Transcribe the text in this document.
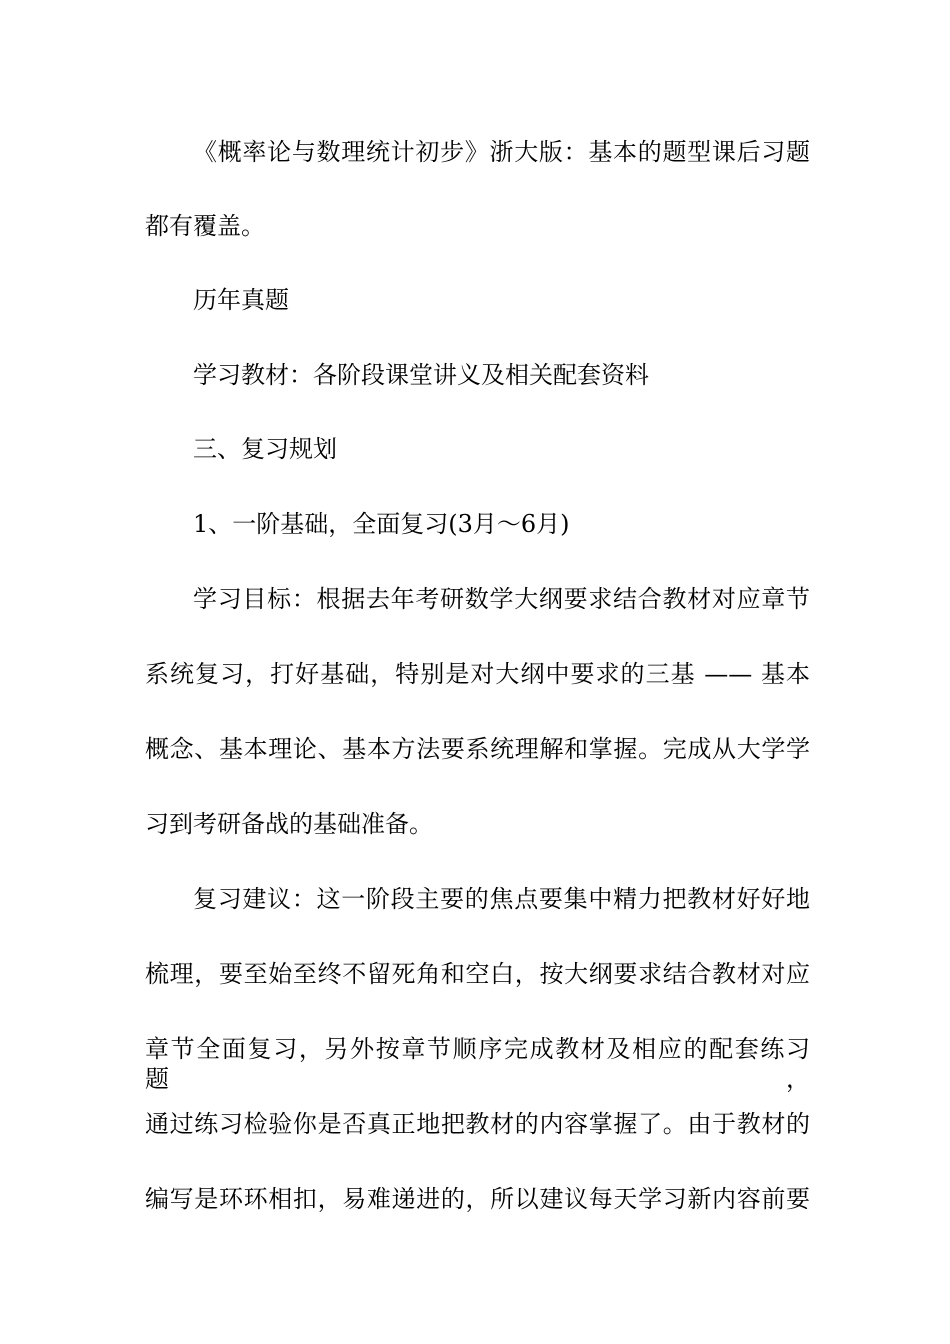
《概率论与数理统计初步》浙大版：基本的题型课后习题

都有覆盖。

历年真题

学习教材：各阶段课堂讲义及相关配套资料

三、复习规划

1、一阶基础，全面复习(3月～6月)

学习目标：根据去年考研数学大纲要求结合教材对应章节

系统复习，打好基础，特别是对大纲中要求的三基 —— 基本

概念、基本理论、基本方法要系统理解和掌握。完成从大学学

习到考研备战的基础准备。

复习建议：这一阶段主要的焦点要集中精力把教材好好地

梳理，要至始至终不留死角和空白，按大纲要求结合教材对应

章节全面复习，另外按章节顺序完成教材及相应的配套练习题，

通过练习检验你是否真正地把教材的内容掌握了。由于教材的

编写是环环相扣，易难递进的，所以建议每天学习新内容前要
